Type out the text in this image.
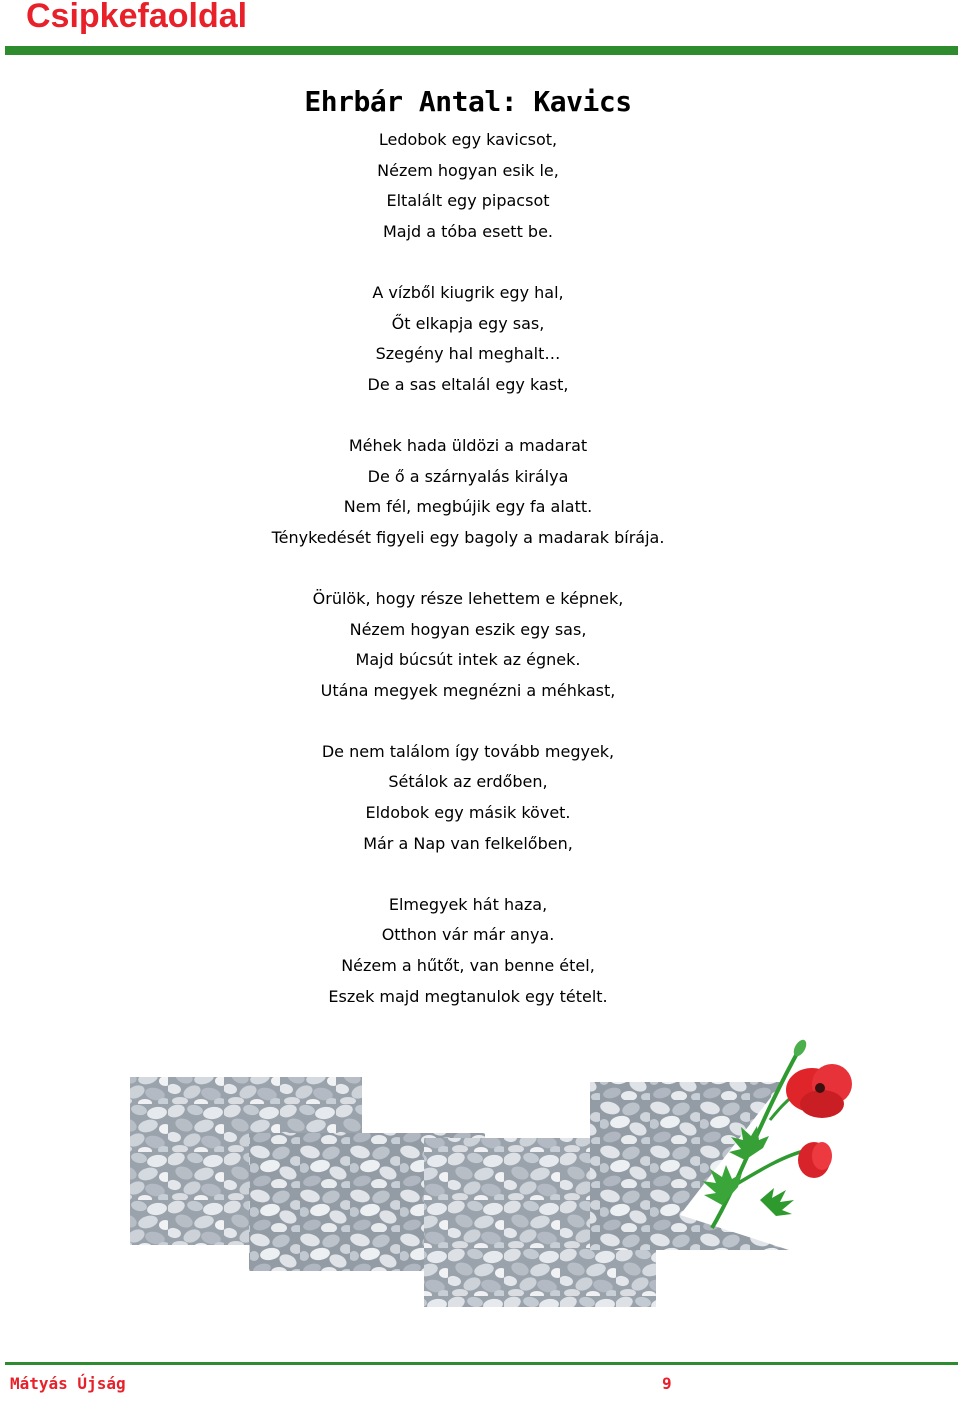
Csipkefaoldal
Ehrbár Antal: Kavics
Ledobok egy kavicsot,
Nézem hogyan esik le,
Eltalált egy pipacsot
Majd a tóba esett be.
A vízből kiugrik egy hal,
Őt elkapja egy sas,
Szegény hal meghalt…
De a sas eltalál egy kast,
Méhek hada üldözi a madarat
De ő a szárnyalás királya
Nem fél, megbújik egy fa alatt.
Ténykedését figyeli egy bagoly a madarak bírája.
Örülök, hogy része lehettem e képnek,
Nézem hogyan eszik egy sas,
Majd búcsút intek az égnek.
Utána megyek megnézni a méhkast,
De nem találom így tovább megyek,
Sétálok az erdőben,
Eldobok egy másik követ.
Már a Nap van felkelőben,
Elmegyek hát haza,
Otthon vár már anya.
Nézem a hűtőt, van benne étel,
Eszek majd megtanulok egy tételt.
Mátyás Újság	9
